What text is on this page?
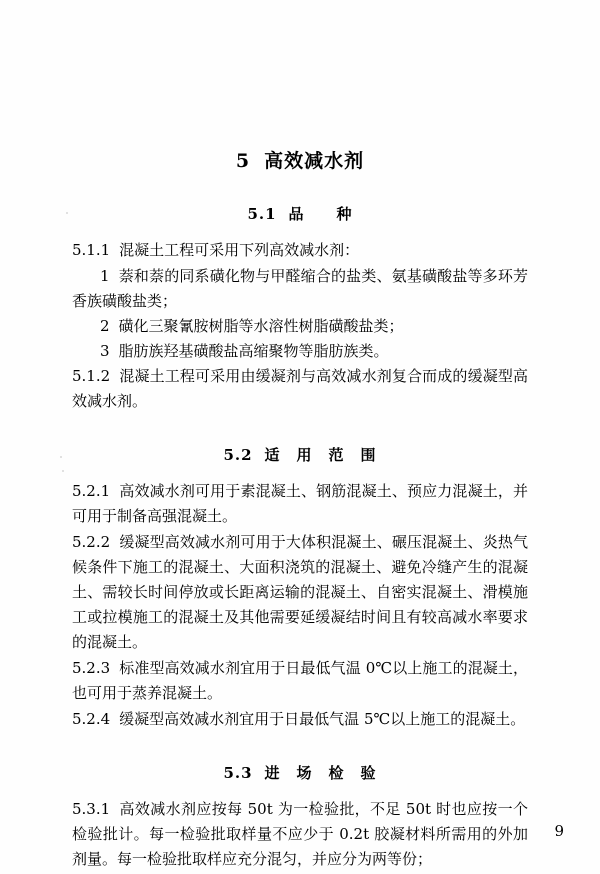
5 高效减水剂
5.1 品　　种

5.1.1 混凝土工程可采用下列高效减水剂：

1 萘和萘的同系磺化物与甲醛缩合的盐类、氨基磺酸盐等多环芳香族磺酸盐类；

2 磺化三聚氰胺树脂等水溶性树脂磺酸盐类；

3 脂肪族羟基磺酸盐高缩聚物等脂肪族类。

5.1.2 混凝土工程可采用由缓凝剂与高效减水剂复合而成的缓凝型高效减水剂。

5.2 适　用　范　围

5.2.1 高效减水剂可用于素混凝土、钢筋混凝土、预应力混凝土，并可用于制备高强混凝土。

5.2.2 缓凝型高效减水剂可用于大体积混凝土、碾压混凝土、炎热气候条件下施工的混凝土、大面积浇筑的混凝土、避免冷缝产生的混凝土、需较长时间停放或长距离运输的混凝土、自密实混凝土、滑模施工或拉模施工的混凝土及其他需要延缓凝结时间且有较高减水率要求的混凝土。

5.2.3 标准型高效减水剂宜用于日最低气温 0℃以上施工的混凝土，也可用于蒸养混凝土。

5.2.4 缓凝型高效减水剂宜用于日最低气温 5℃以上施工的混凝土。

5.3 进　场　检　验

5.3.1 高效减水剂应按每 50t 为一检验批，不足 50t 时也应按一个检验批计。每一检验批取样量不应少于 0.2t 胶凝材料所需用的外加剂量。每一检验批取样应充分混匀，并应分为两等份；

9
